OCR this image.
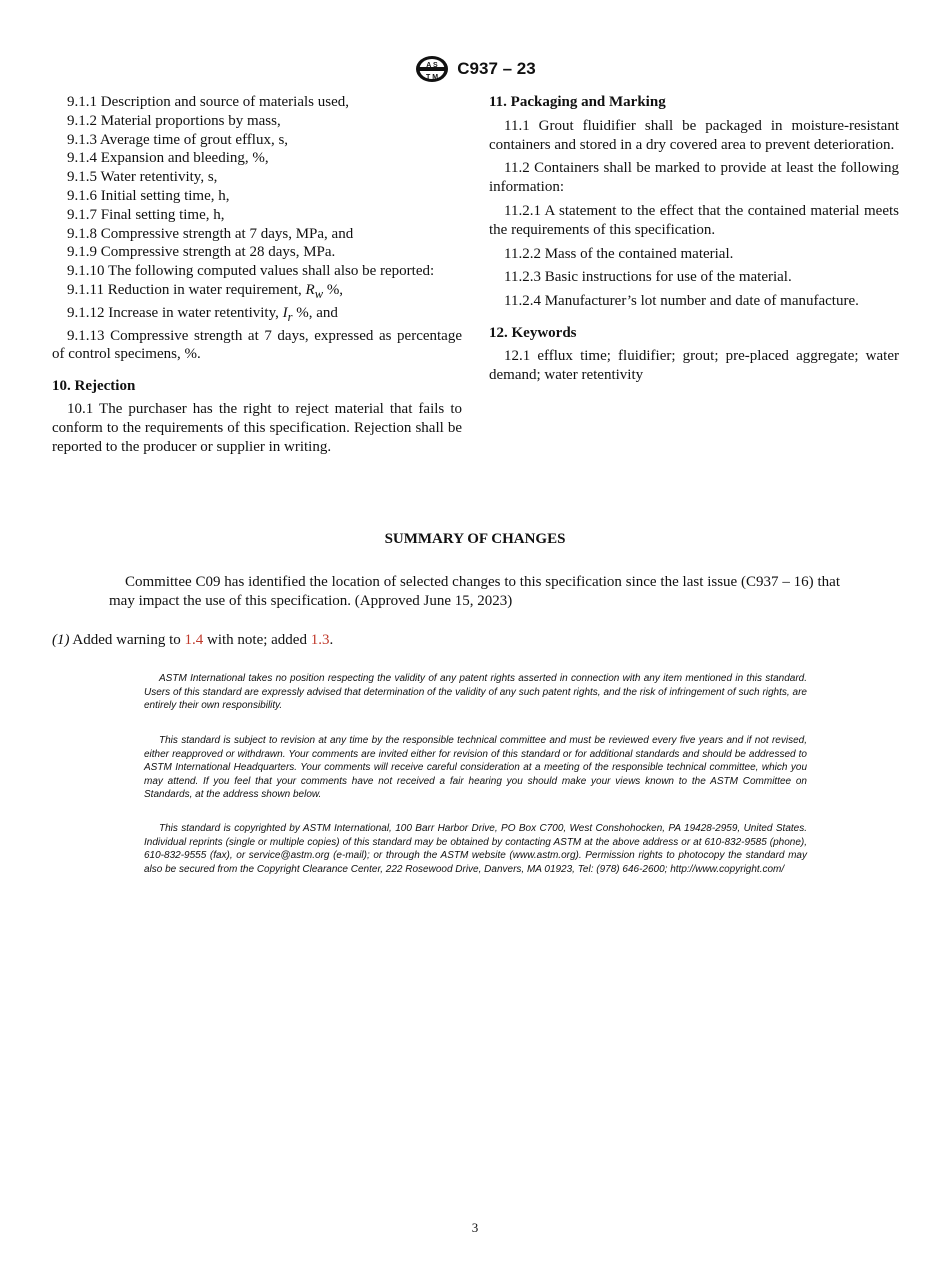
A S
T M C937 – 23

9.1.1 Description and source of materials used,

9.1.2 Material proportions by mass,

9.1.3 Average time of grout efflux, s,

9.1.4 Expansion and bleeding, %,

9.1.5 Water retentivity, s,

9.1.6 Initial setting time, h,

9.1.7 Final setting time, h,

9.1.8 Compressive strength at 7 days, MPa, and

9.1.9 Compressive strength at 28 days, MPa.

9.1.10 The following computed values shall also be reported:

9.1.11 Reduction in water requirement, $R_w$ %,

9.1.12 Increase in water retentivity, $I_r$ %, and

9.1.13 Compressive strength at 7 days, expressed as percentage of control specimens, %.

10. Rejection

10.1 The purchaser has the right to reject material that fails to conform to the requirements of this specification. Rejection shall be reported to the producer or supplier in writing.

11. Packaging and Marking

11.1 Grout fluidifier shall be packaged in moisture-resistant containers and stored in a dry covered area to prevent deterioration.

11.2 Containers shall be marked to provide at least the following information:

11.2.1 A statement to the effect that the contained material meets the requirements of this specification.

11.2.2 Mass of the contained material.

11.2.3 Basic instructions for use of the material.

11.2.4 Manufacturer’s lot number and date of manufacture.

12. Keywords

12.1 efflux time; fluidifier; grout; pre-placed aggregate; water demand; water retentivity

SUMMARY OF CHANGES

Committee C09 has identified the location of selected changes to this specification since the last issue (C937 – 16) that may impact the use of this specification. (Approved June 15, 2023)

(1) Added warning to 1.4 with note; added 1.3.

ASTM International takes no position respecting the validity of any patent rights asserted in connection with any item mentioned in this standard. Users of this standard are expressly advised that determination of the validity of any such patent rights, and the risk of infringement of such rights, are entirely their own responsibility.

This standard is subject to revision at any time by the responsible technical committee and must be reviewed every five years and if not revised, either reapproved or withdrawn. Your comments are invited either for revision of this standard or for additional standards and should be addressed to ASTM International Headquarters. Your comments will receive careful consideration at a meeting of the responsible technical committee, which you may attend. If you feel that your comments have not received a fair hearing you should make your views known to the ASTM Committee on Standards, at the address shown below.

This standard is copyrighted by ASTM International, 100 Barr Harbor Drive, PO Box C700, West Conshohocken, PA 19428-2959, United States. Individual reprints (single or multiple copies) of this standard may be obtained by contacting ASTM at the above address or at 610-832-9585 (phone), 610-832-9555 (fax), or service@astm.org (e-mail); or through the ASTM website (www.astm.org). Permission rights to photocopy the standard may also be secured from the Copyright Clearance Center, 222 Rosewood Drive, Danvers, MA 01923, Tel: (978) 646-2600; http://www.copyright.com/

3
